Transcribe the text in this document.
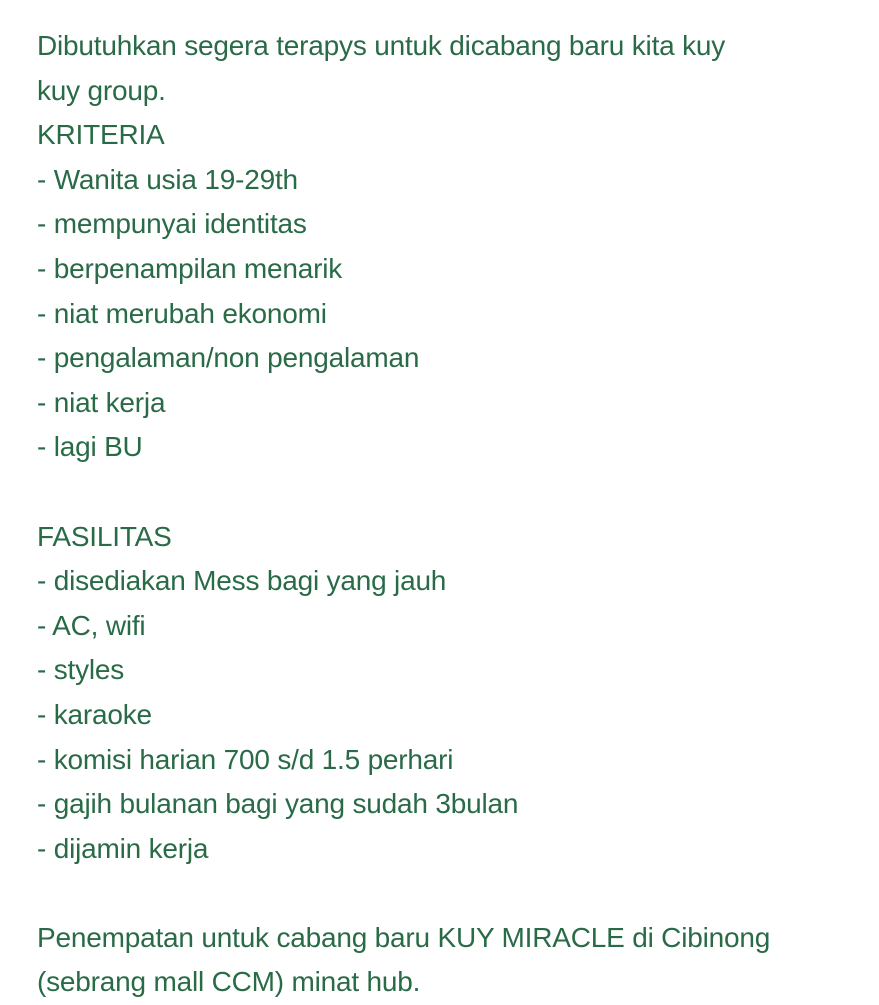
Dibutuhkan segera terapys untuk dicabang baru kita kuy
kuy group.
KRITERIA
- Wanita usia 19-29th
- mempunyai identitas
- berpenampilan menarik
- niat merubah ekonomi
- pengalaman/non pengalaman
- niat kerja
- lagi BU
FASILITAS
- disediakan Mess bagi yang jauh
- AC, wifi
- styles
- karaoke
- komisi harian 700 s/d 1.5 perhari
- gajih bulanan bagi yang sudah 3bulan
- dijamin kerja
Penempatan untuk cabang baru KUY MIRACLE di Cibinong
(sebrang mall CCM) minat hub.
